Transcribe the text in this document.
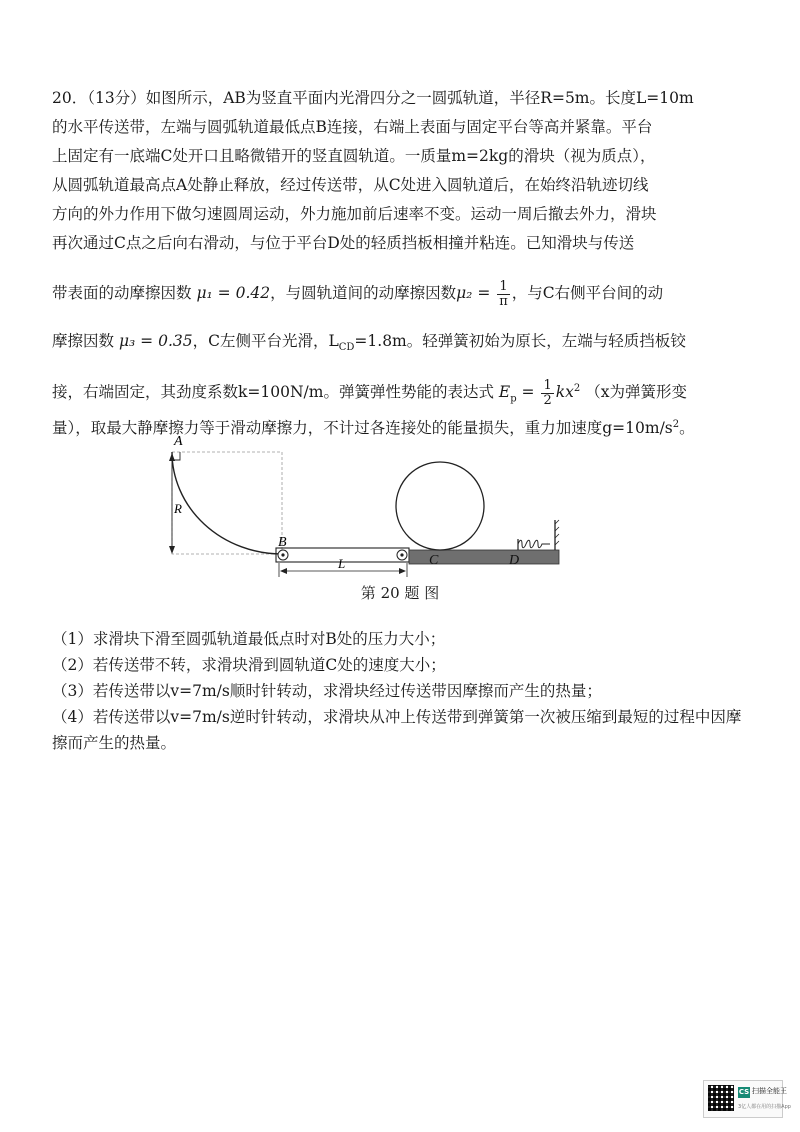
20．（13分）如图所示，AB为竖直平面内光滑四分之一圆弧轨道，半径R=5m。长度L=10m
的水平传送带，左端与圆弧轨道最低点B连接，右端上表面与固定平台等高并紧靠。平台
上固定有一底端C处开口且略微错开的竖直圆轨道。一质量m=2kg的滑块（视为质点），
从圆弧轨道最高点A处静止释放，经过传送带，从C处进入圆轨道后，在始终沿轨迹切线
方向的外力作用下做匀速圆周运动，外力施加前后速率不变。运动一周后撤去外力，滑块
再次通过C点之后向右滑动，与位于平台D处的轻质挡板相撞并粘连。已知滑块与传送
带表面的动摩擦因数 μ₁ = 0.42，与圆轨道间的动摩擦因数$\mu_2 = \frac{1}{\pi}$ ，与C右侧平台间的动
摩擦因数 μ₃ = 0.35，C左侧平台光滑，$L_{CD}=1.8m$。轻弹簧初始为原长，左端与轻质挡板铰
接，右端固定，其劲度系数k=100N/m。弹簧弹性势能的表达式 $E_p = \frac{1}{2} kx^2$ （x为弹簧形变
量），取最大静摩擦力等于滑动摩擦力，不计过各连接处的能量损失，重力加速度$g=10m/s^2$。
A
R
B
L	C	D
第 20 题 图
（1）求滑块下滑至圆弧轨道最低点时对B处的压力大小；
（2）若传送带不转，求滑块滑到圆轨道C处的速度大小；
（3）若传送带以v=7m/s顺时针转动，求滑块经过传送带因摩擦而产生的热量；
（4）若传送带以v=7m/s逆时针转动，求滑块从冲上传送带到弹簧第一次被压缩到最短的过程中因摩擦而产生的热量。
CS 扫描全能王
3亿人都在用的扫描App
